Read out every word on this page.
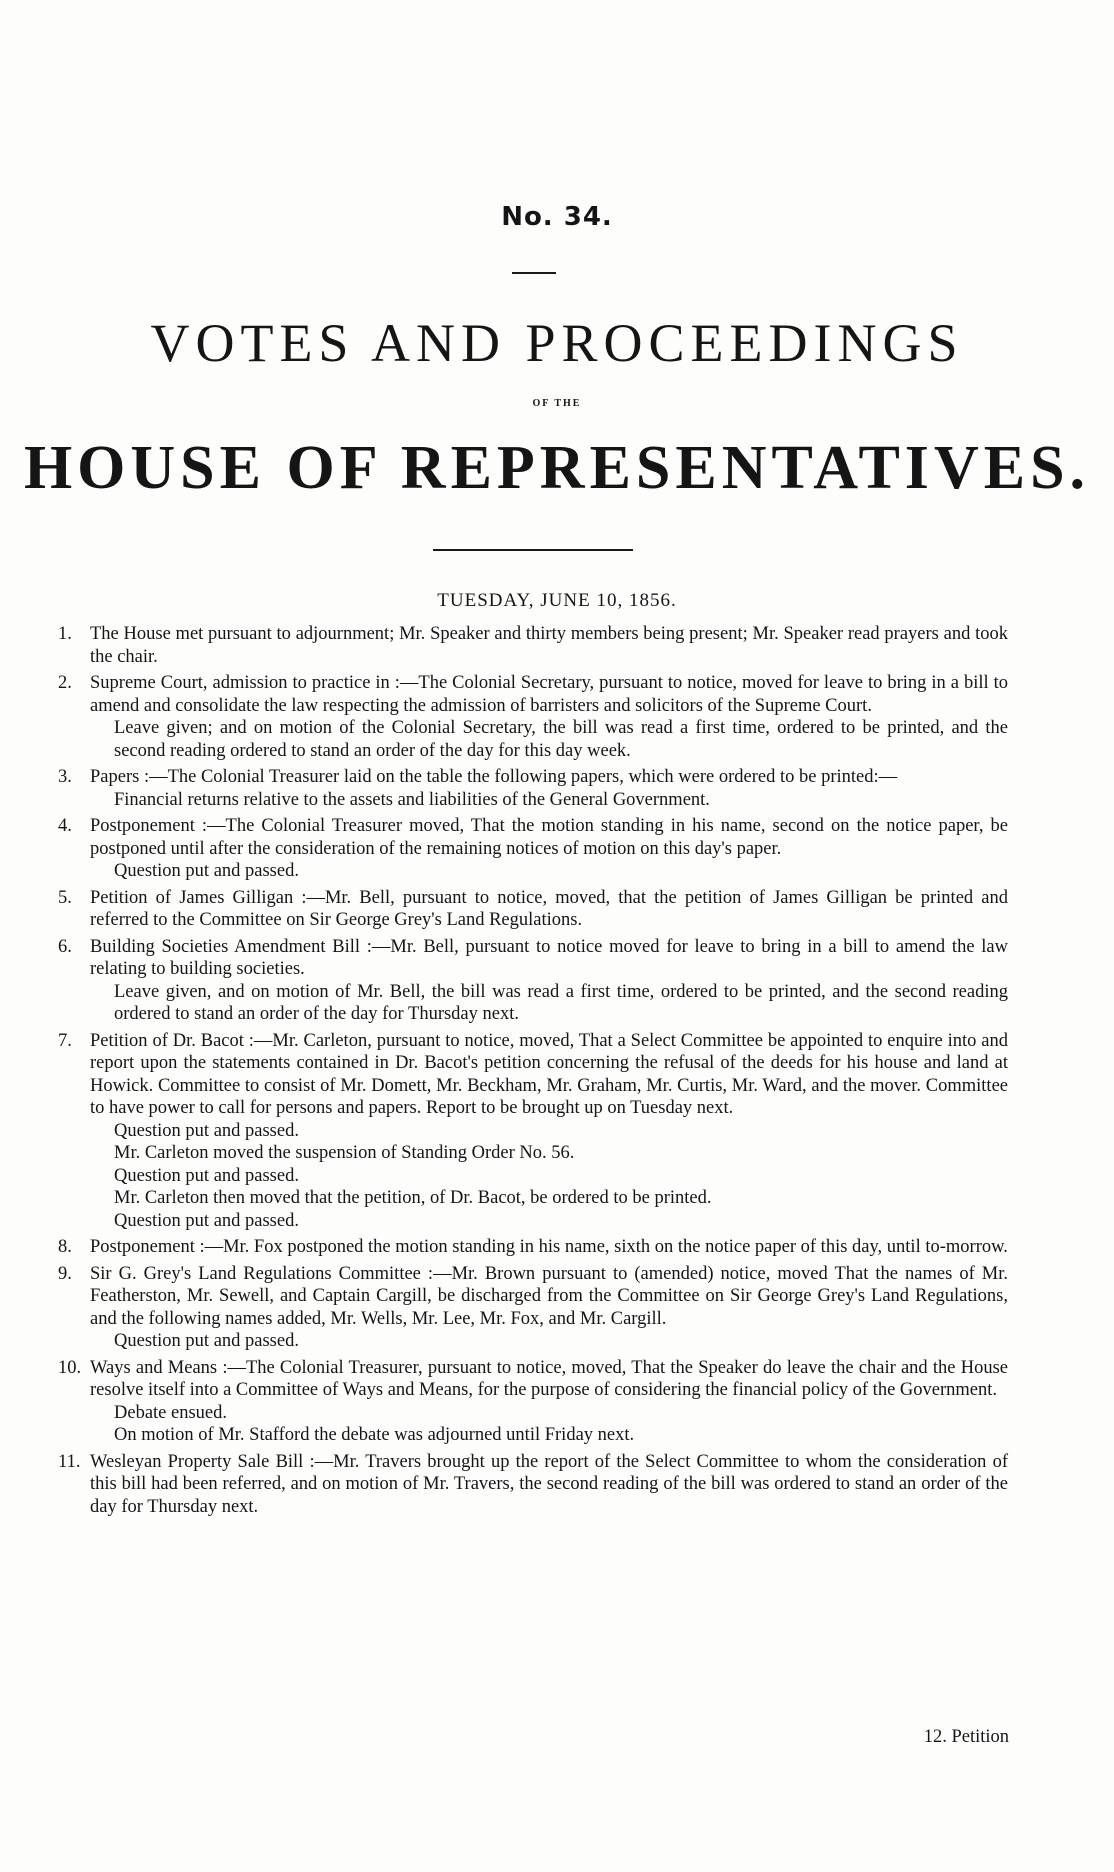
No. 34.
VOTES AND PROCEEDINGS
OF THE
HOUSE OF REPRESENTATIVES.
TUESDAY, JUNE 10, 1856.
1. The House met pursuant to adjournment; Mr. Speaker and thirty members being present; Mr. Speaker read prayers and took the chair.
2. Supreme Court, admission to practice in :—The Colonial Secretary, pursuant to notice, moved for leave to bring in a bill to amend and consolidate the law respecting the admission of barristers and solicitors of the Supreme Court.
Leave given; and on motion of the Colonial Secretary, the bill was read a first time, ordered to be printed, and the second reading ordered to stand an order of the day for this day week.
3. Papers :—The Colonial Treasurer laid on the table the following papers, which were ordered to be printed:—
Financial returns relative to the assets and liabilities of the General Government.
4. Postponement :—The Colonial Treasurer moved, That the motion standing in his name, second on the notice paper, be postponed until after the consideration of the remaining notices of motion on this day's paper.
Question put and passed.
5. Petition of James Gilligan :—Mr. Bell, pursuant to notice, moved, that the petition of James Gilligan be printed and referred to the Committee on Sir George Grey's Land Regulations.
6. Building Societies Amendment Bill :—Mr. Bell, pursuant to notice moved for leave to bring in a bill to amend the law relating to building societies.
Leave given, and on motion of Mr. Bell, the bill was read a first time, ordered to be printed, and the second reading ordered to stand an order of the day for Thursday next.
7. Petition of Dr. Bacot :—Mr. Carleton, pursuant to notice, moved, That a Select Committee be appointed to enquire into and report upon the statements contained in Dr. Bacot's petition concerning the refusal of the deeds for his house and land at Howick. Committee to consist of Mr. Domett, Mr. Beckham, Mr. Graham, Mr. Curtis, Mr. Ward, and the mover. Committee to have power to call for persons and papers. Report to be brought up on Tuesday next.
Question put and passed.
Mr. Carleton moved the suspension of Standing Order No. 56.
Question put and passed.
Mr. Carleton then moved that the petition, of Dr. Bacot, be ordered to be printed.
Question put and passed.
8. Postponement :—Mr. Fox postponed the motion standing in his name, sixth on the notice paper of this day, until to-morrow.
9. Sir G. Grey's Land Regulations Committee :—Mr. Brown pursuant to (amended) notice, moved That the names of Mr. Featherston, Mr. Sewell, and Captain Cargill, be discharged from the Committee on Sir George Grey's Land Regulations, and the following names added, Mr. Wells, Mr. Lee, Mr. Fox, and Mr. Cargill.
Question put and passed.
10. Ways and Means :—The Colonial Treasurer, pursuant to notice, moved, That the Speaker do leave the chair and the House resolve itself into a Committee of Ways and Means, for the purpose of considering the financial policy of the Government.
Debate ensued.
On motion of Mr. Stafford the debate was adjourned until Friday next.
11. Wesleyan Property Sale Bill :—Mr. Travers brought up the report of the Select Committee to whom the consideration of this bill had been referred, and on motion of Mr. Travers, the second reading of the bill was ordered to stand an order of the day for Thursday next.
12. Petition
